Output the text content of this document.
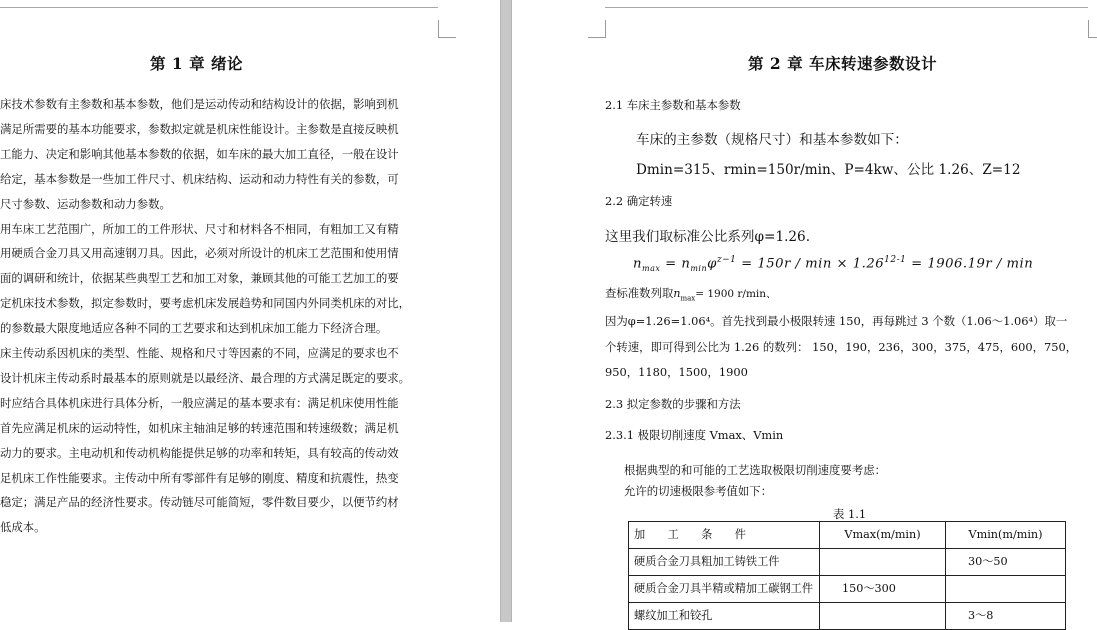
第 1 章 绪论
床技术参数有主参数和基本参数，他们是运动传动和结构设计的依据，影响到机
满足所需要的基本功能要求，参数拟定就是机床性能设计。主参数是直接反映机
工能力、决定和影响其他基本参数的依据，如车床的最大加工直径，一般在设计
给定，基本参数是一些加工件尺寸、机床结构、运动和动力特性有关的参数，可
尺寸参数、运动参数和动力参数。
用车床工艺范围广，所加工的工件形状、尺寸和材料各不相同，有粗加工又有精
用硬质合金刀具又用高速钢刀具。因此，必须对所设计的机床工艺范围和使用情
面的调研和统计，依据某些典型工艺和加工对象，兼顾其他的可能工艺加工的要
定机床技术参数，拟定参数时，要考虑机床发展趋势和同国内外同类机床的对比，
的参数最大限度地适应各种不同的工艺要求和达到机床加工能力下经济合理。
床主传动系因机床的类型、性能、规格和尺寸等因素的不同，应满足的要求也不
设计机床主传动系时最基本的原则就是以最经济、最合理的方式满足既定的要求。
时应结合具体机床进行具体分析，一般应满足的基本要求有：满足机床使用性能
首先应满足机床的运动特性，如机床主轴油足够的转速范围和转速级数；满足机
动力的要求。主电动机和传动机构能提供足够的功率和转矩，具有较高的传动效
足机床工作性能要求。主传动中所有零部件有足够的刚度、精度和抗震性，热变
稳定；满足产品的经济性要求。传动链尽可能简短，零件数目要少，以便节约材
低成本。
第 2 章 车床转速参数设计
2.1 车床主参数和基本参数
车床的主参数（规格尺寸）和基本参数如下：
Dmin=315、rmin=150r/min、P=4kw、公比 1.26、Z=12
2.2 确定转速
这里我们取标准公比系列φ=1.26.
$n_{max} = n_{min}\varphi^{z-1} = 150r / \min \times 1.26^{12-1} = 1906.19r / \min$
查标准数列取$n_{max}= 1900$ r/min、
因为φ=1.26=1.06⁴。首先找到最小极限转速 150，再每跳过 3 个数（1.06～1.06⁴）取一
个转速，即可得到公比为 1.26 的数列： 150，190，236，300，375，475，600，750，
950，1180，1500，1900
2.3 拟定参数的步骤和方法
2.3.1 极限切削速度 Vmax、Vmin
根据典型的和可能的工艺选取极限切削速度要考虑：
允许的切速极限参考值如下：
表 1.1
加　　工　　条　　件	Vmax(m/min)	Vmin(m/min)
硬质合金刀具粗加工铸铁工件		30～50
硬质合金刀具半精或精加工碳钢工件	150～300	
螺纹加工和铰孔		3～8
